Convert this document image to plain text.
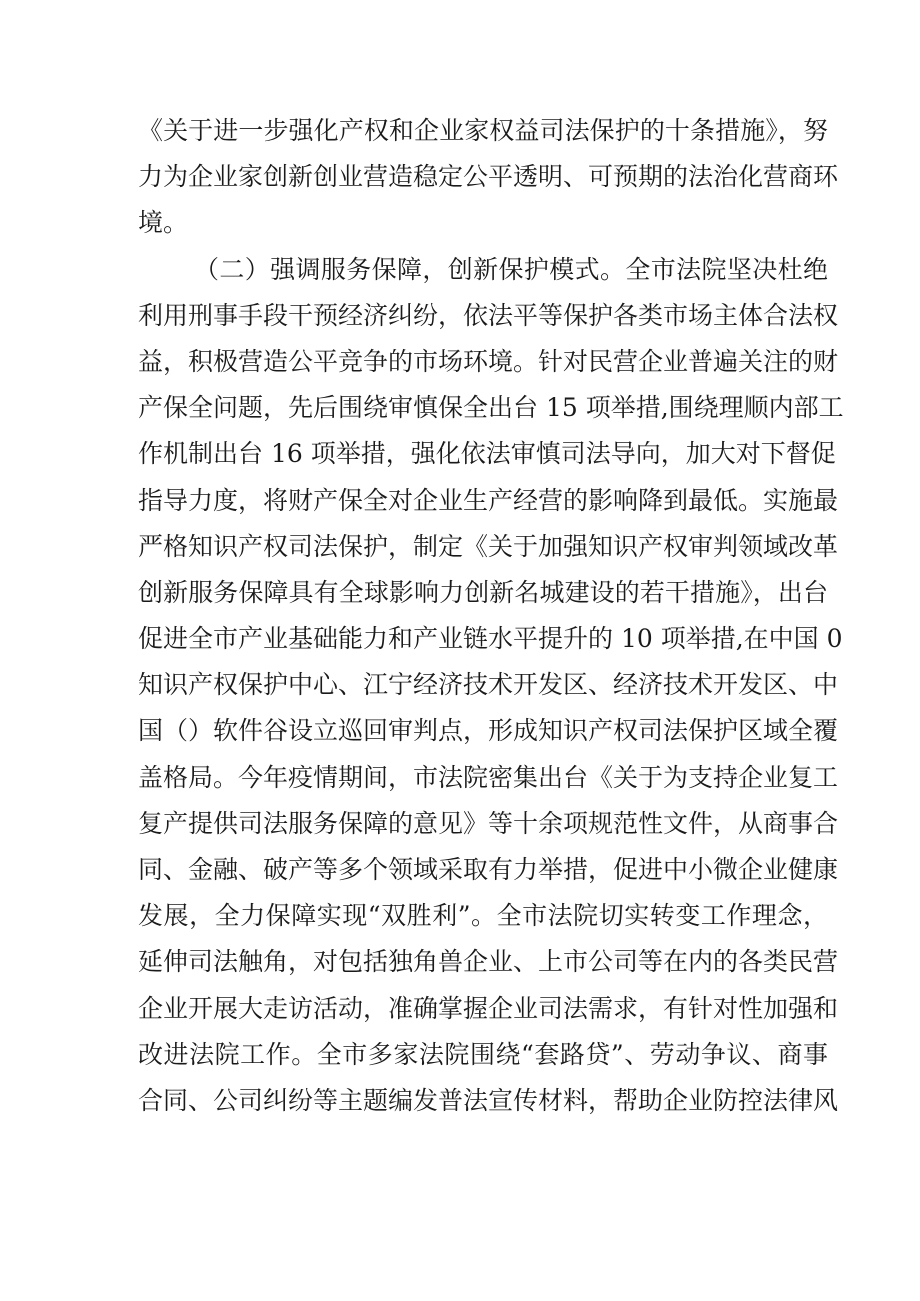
《关于进一步强化产权和企业家权益司法保护的十条措施》，努
力为企业家创新创业营造稳定公平透明、可预期的法治化营商环
境。
（二）强调服务保障，创新保护模式。全市法院坚决杜绝
利用刑事手段干预经济纠纷，依法平等保护各类市场主体合法权
益，积极营造公平竞争的市场环境。针对民营企业普遍关注的财
产保全问题，先后围绕审慎保全出台 15 项举措,围绕理顺内部工
作机制出台 16 项举措，强化依法审慎司法导向，加大对下督促
指导力度，将财产保全对企业生产经营的影响降到最低。实施最
严格知识产权司法保护，制定《关于加强知识产权审判领域改革
创新服务保障具有全球影响力创新名城建设的若干措施》，出台
促进全市产业基础能力和产业链水平提升的 10 项举措,在中国 0
知识产权保护中心、江宁经济技术开发区、经济技术开发区、中
国（）软件谷设立巡回审判点，形成知识产权司法保护区域全覆
盖格局。今年疫情期间，市法院密集出台《关于为支持企业复工
复产提供司法服务保障的意见》等十余项规范性文件，从商事合
同、金融、破产等多个领域采取有力举措，促进中小微企业健康
发展，全力保障实现“双胜利”。全市法院切实转变工作理念，
延伸司法触角，对包括独角兽企业、上市公司等在内的各类民营
企业开展大走访活动，准确掌握企业司法需求，有针对性加强和
改进法院工作。全市多家法院围绕“套路贷”、劳动争议、商事
合同、公司纠纷等主题编发普法宣传材料，帮助企业防控法律风
